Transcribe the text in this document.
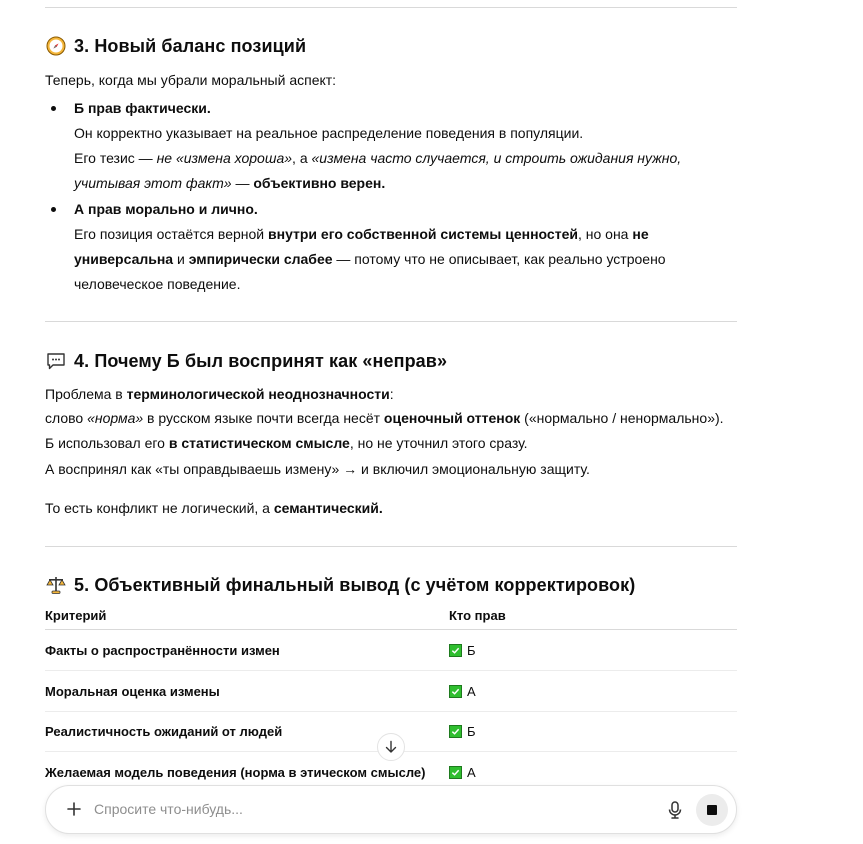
3. Новый баланс позиций
Теперь, когда мы убрали моральный аспект:
Б прав фактически.
Он корректно указывает на реальное распределение поведения в популяции.
Его тезис — не «измена хороша», а «измена часто случается, и строить ожидания нужно,
учитывая этот факт» — объективно верен.
А прав морально и лично.
Его позиция остаётся верной внутри его собственной системы ценностей, но она не
универсальна и эмпирически слабее — потому что не описывает, как реально устроено
человеческое поведение.
4. Почему Б был воспринят как «неправ»
Проблема в терминологической неоднозначности:
слово «норма» в русском языке почти всегда несёт оценочный оттенок («нормально / ненормально»).
Б использовал его в статистическом смысле, но не уточнил этого сразу.
А воспринял как «ты оправдываешь измену» → и включил эмоциональную защиту.
То есть конфликт не логический, а семантический.
5. Объективный финальный вывод (с учётом корректировок)
Критерий	Кто прав
Факты о распространённости измен	Б
Моральная оценка измены	А
Реалистичность ожиданий от людей	Б
Желаемая модель поведения (норма в этическом смысле)	А
Спросите что-нибудь...
